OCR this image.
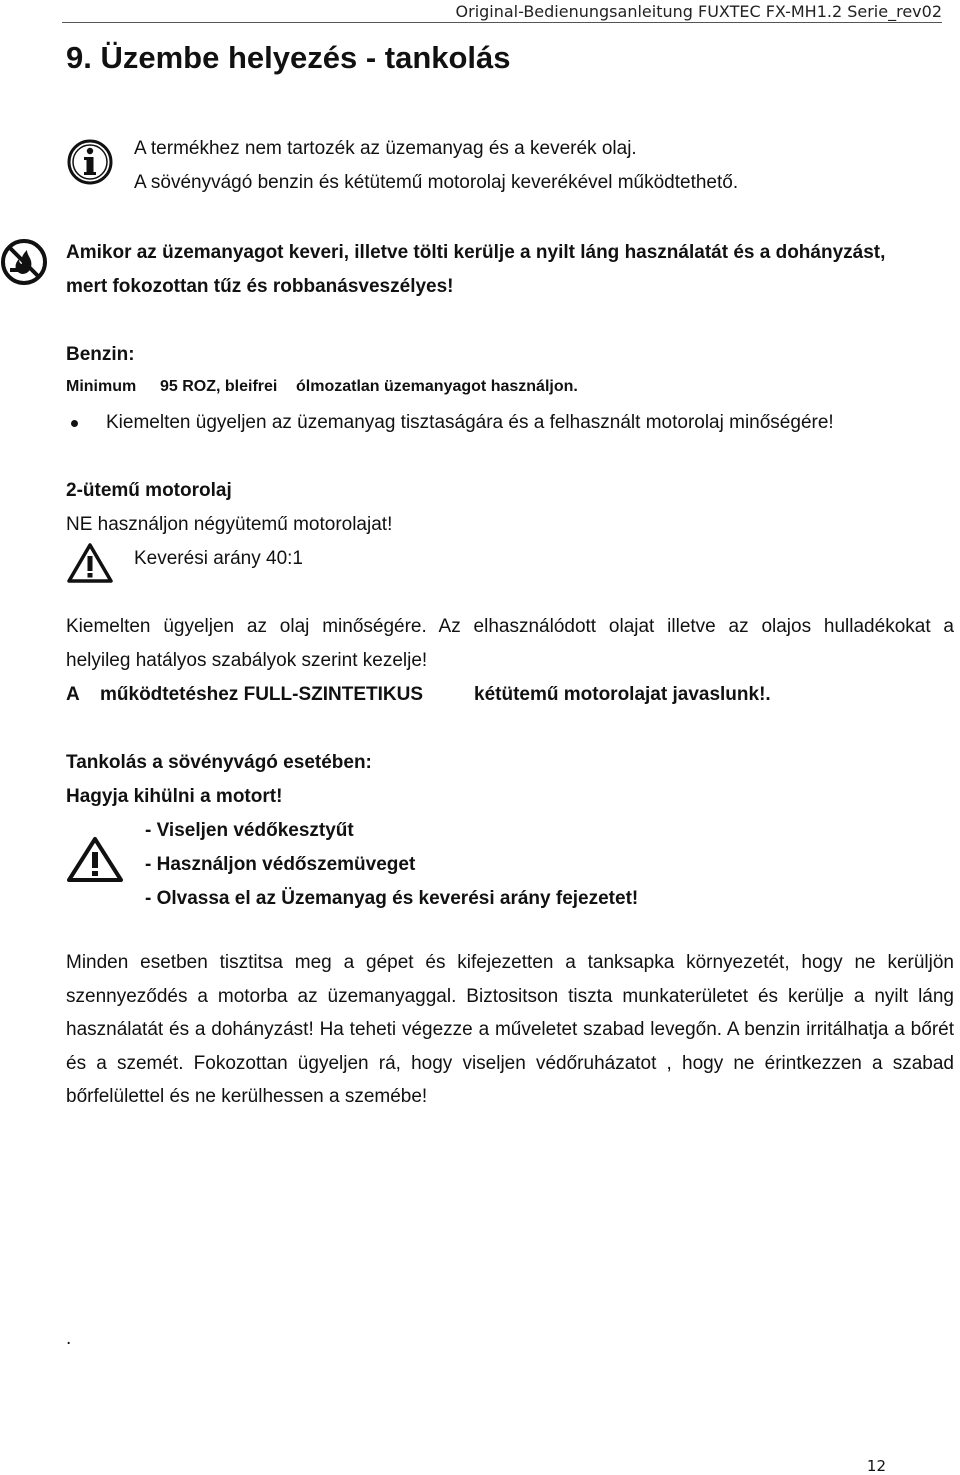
Original-Bedienungsanleitung FUXTEC FX-MH1.2 Serie_rev02
9. Üzembe helyezés - tankolás
A termékhez nem tartozék az üzemanyag és a keverék olaj.
A sövényvágó benzin és kétütemű motorolaj keverékével működtethető.
Amikor az üzemanyagot keveri, illetve tölti kerülje a nyilt láng használatát és a dohányzást,
mert fokozottan tűz és robbanásveszélyes!
Benzin:
Minimum 95 ROZ, bleifrei ólmozatlan üzemanyagot használjon.
Kiemelten ügyeljen az üzemanyag tisztaságára és a felhasznált motorolaj minőségére!
2-ütemű motorolaj
NE használjon négyütemű motorolajat!
Keverési arány 40:1
Kiemelten ügyeljen az olaj minőségére. Az elhasználódott olajat illetve az olajos hulladékokat a
helyileg hatályos szabályok szerint kezelje!
A működtetéshez FULL-SZINTETIKUS	kétütemű motorolajat javaslunk!.
Tankolás a sövényvágó esetében:
Hagyja kihülni a motort!
- Viseljen védőkesztyűt
- Használjon védőszemüveget
- Olvassa el az Üzemanyag és keverési arány fejezetet!
Minden esetben tisztitsa meg a gépet és kifejezetten a tanksapka környezetét, hogy ne kerüljön szennyeződés a motorba az üzemanyaggal. Biztositson tiszta munkaterületet és kerülje a nyilt láng használatát és a dohányzást! Ha teheti végezze a műveletet szabad levegőn. A benzin irritálhatja a bőrét és a szemét. Fokozottan ügyeljen rá, hogy viseljen védőruházatot , hogy ne érintkezzen a szabad bőrfelülettel és ne kerülhessen a szemébe!
.
12
